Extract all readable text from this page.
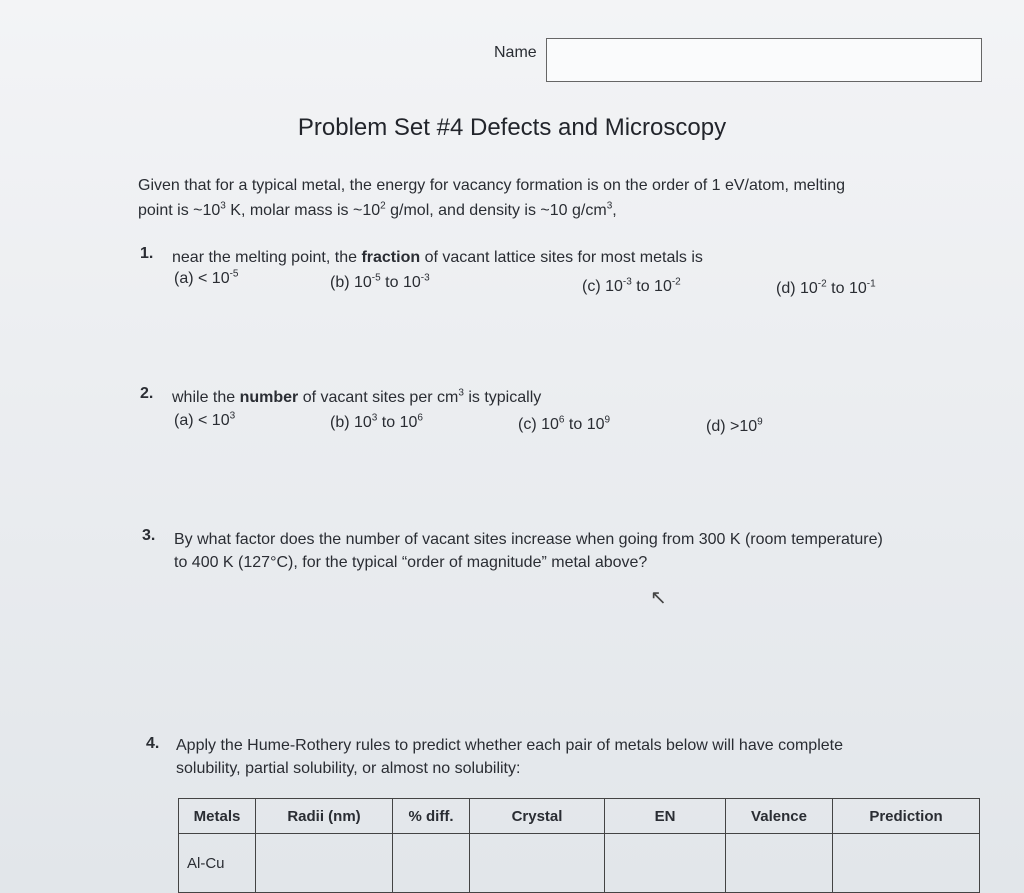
Name
Problem Set #4 Defects and Microscopy
Given that for a typical metal, the energy for vacancy formation is on the order of 1 eV/atom, melting
point is $\sim 10^3$ K, molar mass is $\sim 10^2$ g/mol, and density is ~10 $g/cm^3$,
1. near the melting point, the fraction of vacant lattice sites for most metals is
$(a) < 10^{-5}$	(b) $10^{-5}$ to $10^{-3}$	(c) $10^{-3}$ to $10^{-2}$	(d) $10^{-2}$ to $10^{-1}$
2. while the number of vacant sites per $cm^3$ is typically
$(a) < 10^3$	(b) $10^3$ to $10^6$	(c) $10^6$ to $10^9$	$(d) >10^9$
3. By what factor does the number of vacant sites increase when going from 300 K (room temperature)
to 400 K (127°C), for the typical “order of magnitude” metal above?
↖
4. Apply the Hume-Rothery rules to predict whether each pair of metals below will have complete
solubility, partial solubility, or almost no solubility:
Metals	Radii (nm)	% diff.	Crystal	EN	Valence	Prediction
Al-Cu						
